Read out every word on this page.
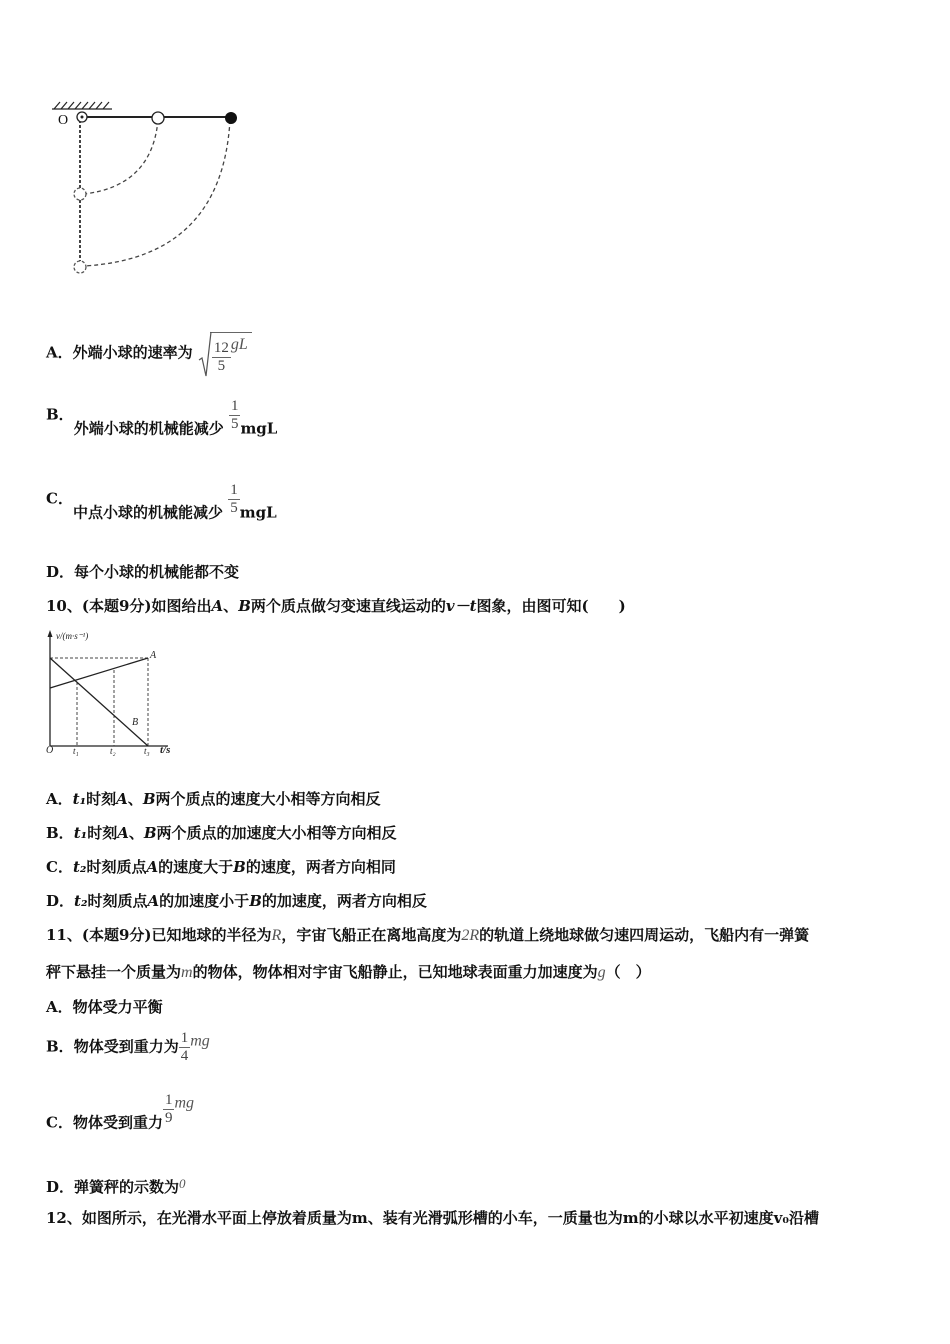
O
A．外端小球的速率为 $\frac{12}{5}$ gL
B．外端小球的机械能减少 $\frac{1}{5}$ mgL
C．中点小球的机械能减少 $\frac{1}{5}$ mgL
D．每个小球的机械能都不变
10、(本题9分)如图给出A、B两个质点做匀变速直线运动的v－t图象，由图可知(　　)
v/(m·s⁻¹)
t/s
O
A
B
t₁	t₂	t₃
A．t₁时刻A、B两个质点的速度大小相等方向相反
B．t₁时刻A、B两个质点的加速度大小相等方向相反
C．t₂时刻质点A的速度大于B的速度，两者方向相同
D．t₂时刻质点A的加速度小于B的加速度，两者方向相反
11、(本题9分)已知地球的半径为R，宇宙飞船正在离地高度为2R的轨道上绕地球做匀速四周运动，飞船内有一弹簧
秤下悬挂一个质量为m的物体，物体相对宇宙飞船静止，已知地球表面重力加速度为g（　）
A．物体受力平衡
B．物体受到重力为 $\frac{1}{4}$ mg
C．物体受到重力 $\frac{1}{9}$ mg
D．弹簧秤的示数为0
12、如图所示，在光滑水平面上停放着质量为m、装有光滑弧形槽的小车，一质量也为m的小球以水平初速度v₀沿槽
